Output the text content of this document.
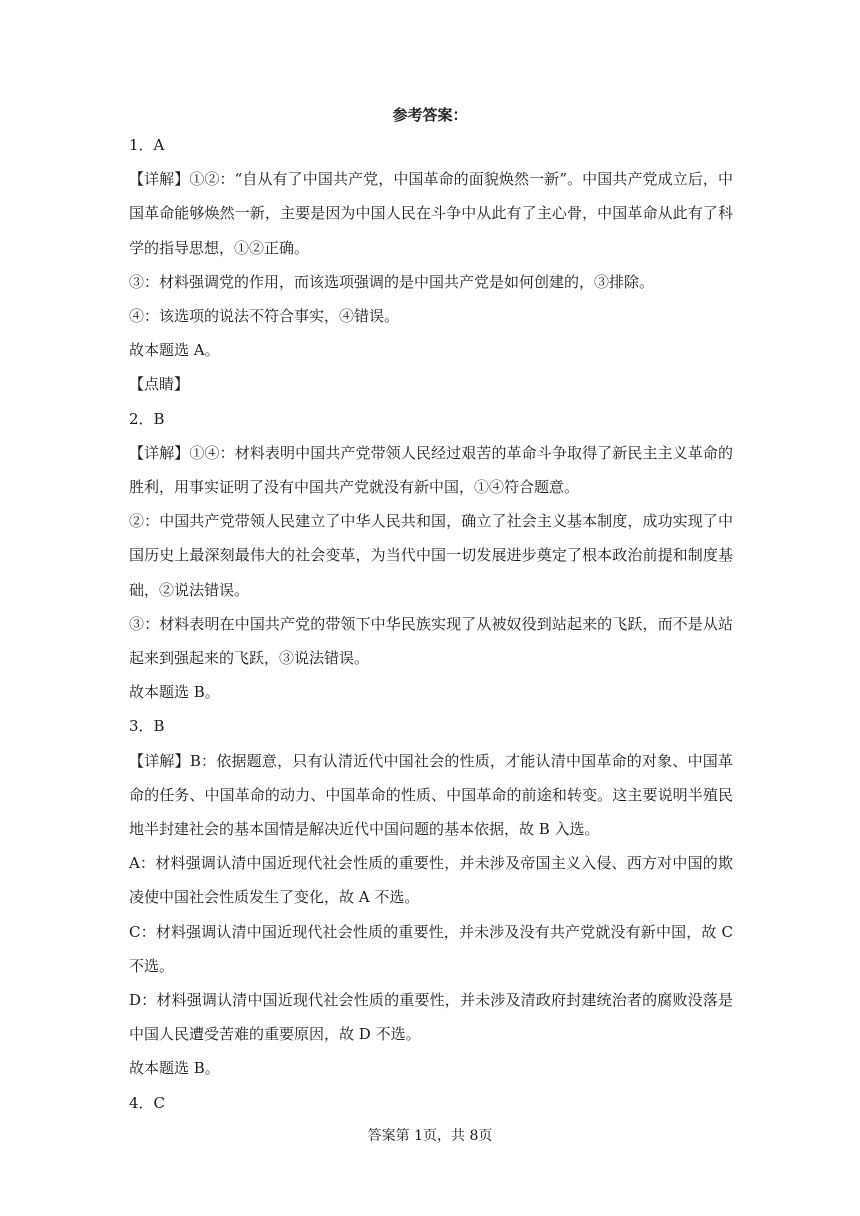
参考答案：
1．A
【详解】①②：“自从有了中国共产党，中国革命的面貌焕然一新”。中国共产党成立后，中
国革命能够焕然一新，主要是因为中国人民在斗争中从此有了主心骨，中国革命从此有了科
学的指导思想，①②正确。
③：材料强调党的作用，而该选项强调的是中国共产党是如何创建的，③排除。
④：该选项的说法不符合事实，④错误。
故本题选 A。
【点睛】
2．B
【详解】①④：材料表明中国共产党带领人民经过艰苦的革命斗争取得了新民主主义革命的
胜利，用事实证明了没有中国共产党就没有新中国，①④符合题意。
②：中国共产党带领人民建立了中华人民共和国，确立了社会主义基本制度，成功实现了中
国历史上最深刻最伟大的社会变革，为当代中国一切发展进步奠定了根本政治前提和制度基
础，②说法错误。
③：材料表明在中国共产党的带领下中华民族实现了从被奴役到站起来的飞跃，而不是从站
起来到强起来的飞跃，③说法错误。
故本题选 B。
3．B
【详解】B：依据题意，只有认清近代中国社会的性质，才能认清中国革命的对象、中国革
命的任务、中国革命的动力、中国革命的性质、中国革命的前途和转变。这主要说明半殖民
地半封建社会的基本国情是解决近代中国问题的基本依据，故 B 入选。
A：材料强调认清中国近现代社会性质的重要性，并未涉及帝国主义入侵、西方对中国的欺
凌使中国社会性质发生了变化，故 A 不选。
C：材料强调认清中国近现代社会性质的重要性，并未涉及没有共产党就没有新中国，故 C
不选。
D：材料强调认清中国近现代社会性质的重要性，并未涉及清政府封建统治者的腐败没落是
中国人民遭受苦难的重要原因，故 D 不选。
故本题选 B。
4．C
答案第 1页，共 8页
